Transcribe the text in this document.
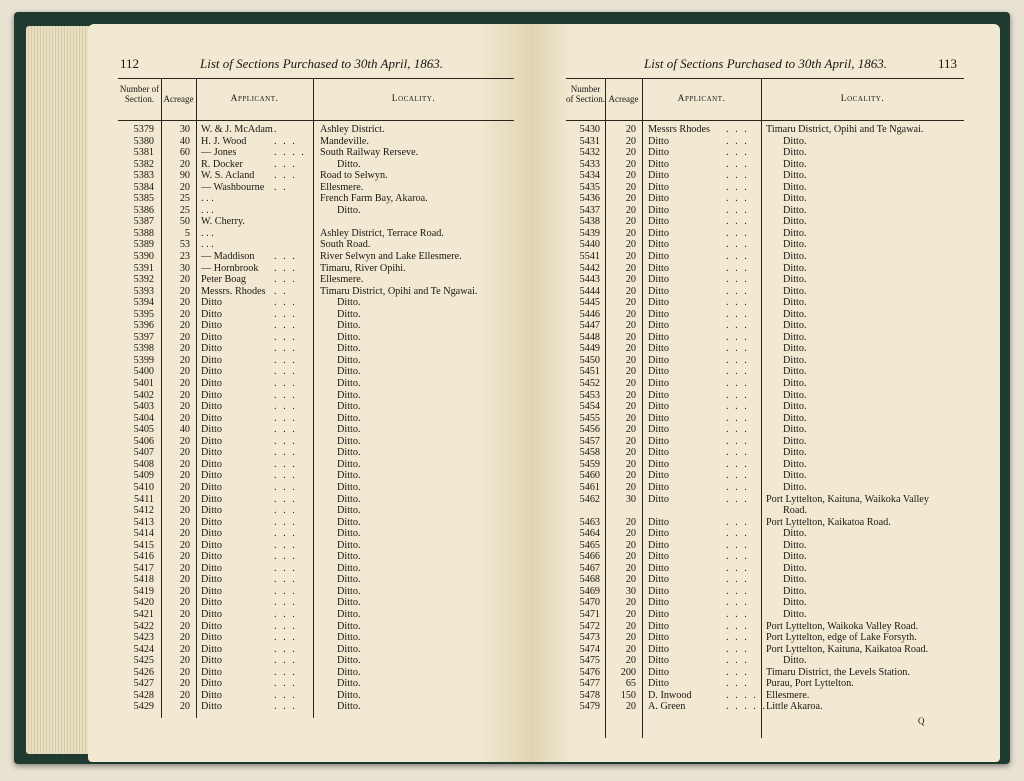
112	List of Sections Purchased to 30th April, 1863.
Number of Section.	Acreage	Applicant.	Locality.
5379	30 W. & J. McAdam .	Ashley District.
5380	40 H. J. Wood	. . . Mandeville.
5381	60 — Jones	. . . . South Railway Rerseve.
5382	20 R. Docker	. . .	Ditto.
5383	90 W. S. Acland . . . Road to Selwyn.
5384	20 — Washbourne . .	Ellesmere.
5385	25 . . .	French Farm Bay, Akaroa.
5386	25 . . .	Ditto.
5387	50 W. Cherry.
5388	5 . . .	Ashley District, Terrace Road.
5389	53 . . .	South Road.
5390	23 — Maddison . . . River Selwyn and Lake Ellesmere.
5391	30 — Hornbrook . . . Timaru, River Opihi.
5392	20 Peter Boag	. . . Ellesmere.
5393	20 Messrs. Rhodes . .	Timaru District, Opihi and Te Ngawai.
5394	20 Ditto	. . .	Ditto.
5395	20 Ditto	. . .	Ditto.
5396	20 Ditto	. . .	Ditto.
5397	20 Ditto	. . .	Ditto.
5398	20 Ditto	. . .	Ditto.
5399	20 Ditto	. . .	Ditto.
5400	20 Ditto	. . .	Ditto.
5401	20 Ditto	. . .	Ditto.
5402	20 Ditto	. . .	Ditto.
5403	20 Ditto	. . .	Ditto.
5404	20 Ditto	. . .	Ditto.
5405	40 Ditto	. . .	Ditto.
5406	20 Ditto	. . .	Ditto.
5407	20 Ditto	. . .	Ditto.
5408	20 Ditto	. . .	Ditto.
5409	20 Ditto	. . .	Ditto.
5410	20 Ditto	. . .	Ditto.
5411	20 Ditto	. . .	Ditto.
5412	20 Ditto	. . .	Ditto.
5413	20 Ditto	. . .	Ditto.
5414	20 Ditto	. . .	Ditto.
5415	20 Ditto	. . .	Ditto.
5416	20 Ditto	. . .	Ditto.
5417	20 Ditto	. . .	Ditto.
5418	20 Ditto	. . .	Ditto.
5419	20 Ditto	. . .	Ditto.
5420	20 Ditto	. . .	Ditto.
5421	20 Ditto	. . .	Ditto.
5422	20 Ditto	. . .	Ditto.
5423	20 Ditto	. . .	Ditto.
5424	20 Ditto	. . .	Ditto.
5425	20 Ditto	. . .	Ditto.
5426	20 Ditto	. . .	Ditto.
5427	20 Ditto	. . .	Ditto.
5428	20 Ditto	. . .	Ditto.
5429	20 Ditto	. . .	Ditto.
List of Sections Purchased to 30th April, 1863.	113
Number of Section. Acreage	Applicant.	Locality.
5430	20 Messrs Rhodes . . . Timaru District, Opihi and Te Ngawai.
5431	20 Ditto	. . .	Ditto.
5432	20 Ditto	. . .	Ditto.
5433	20 Ditto	. . .	Ditto.
5434	20 Ditto	. . .	Ditto.
5435	20 Ditto	. . .	Ditto.
5436	20 Ditto	. . .	Ditto.
5437	20 Ditto	. . .	Ditto.
5438	20 Ditto	. . .	Ditto.
5439	20 Ditto	. . .	Ditto.
5440	20 Ditto	. . .	Ditto.
5541	20 Ditto	. . .	Ditto.
5442	20 Ditto	. . .	Ditto.
5443	20 Ditto	. . .	Ditto.
5444	20 Ditto	. . .	Ditto.
5445	20 Ditto	. . .	Ditto.
5446	20 Ditto	. . .	Ditto.
5447	20 Ditto	. . .	Ditto.
5448	20 Ditto	. . .	Ditto.
5449	20 Ditto	. . .	Ditto.
5450	20 Ditto	. . .	Ditto.
5451	20 Ditto	. . .	Ditto.
5452	20 Ditto	. . .	Ditto.
5453	20 Ditto	. . .	Ditto.
5454	20 Ditto	. . .	Ditto.
5455	20 Ditto	. . .	Ditto.
5456	20 Ditto	. . .	Ditto.
5457	20 Ditto	. . .	Ditto.
5458	20 Ditto	. . .	Ditto.
5459	20 Ditto	. . .	Ditto.
5460	20 Ditto	. . .	Ditto.
5461	20 Ditto	. . .	Ditto.
5462	30 Ditto	. . . Port Lyttelton, Kaituna, Waikoka Valley
Road.
5463	20 Ditto	. . . Port Lyttelton, Kaikatoa Road.
5464	20 Ditto	. . .	Ditto.
5465	20 Ditto	. . .	Ditto.
5466	20 Ditto	. . .	Ditto.
5467	20 Ditto	. . .	Ditto.
5468	20 Ditto	. . .	Ditto.
5469	30 Ditto	. . .	Ditto.
5470	20 Ditto	. . .	Ditto.
5471	20 Ditto	. . .	Ditto.
5472	20 Ditto	. . . Port Lyttelton, Waikoka Valley Road.
5473	20 Ditto	. . . Port Lyttelton, edge of Lake Forsyth.
5474	20 Ditto	. . . Port Lyttelton, Kaituna, Kaikatoa Road.
5475	20 Ditto	. . .	Ditto.
5476 200 Ditto	. . . Timaru District, the Levels Station.
5477	65 Ditto	. . . Purau, Port Lyttelton.
5478 150 D. Inwood	. . . . Ellesmere.
5479	20 A. Green	. . . . . Little Akaroa.
Q
